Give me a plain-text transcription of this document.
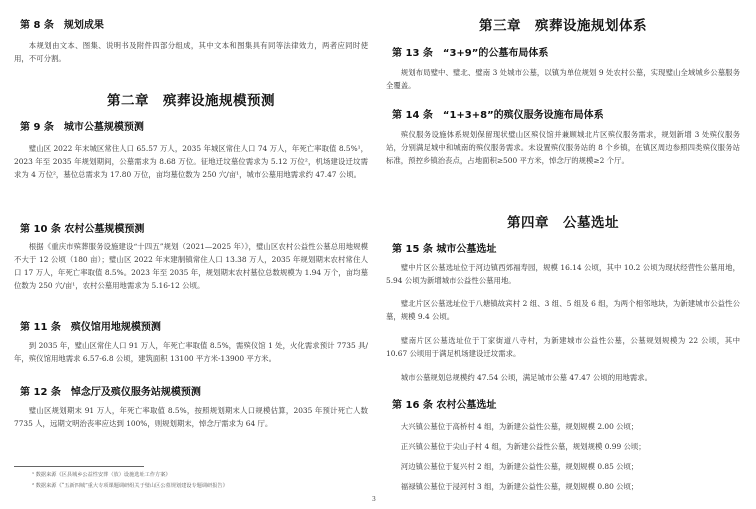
第 8 条　规划成果

本规划由文本、图集、说明书及附件四部分组成，其中文本和图集具有同等法律效力，两者应同时使用，不可分割。

第二章　殡葬设施规模预测
第 9 条　城市公墓规模预测

璧山区 2022 年末城区常住人口 65.57 万人，2035 年城区常住人口 74 万人，年死亡率取值 8.5%¹，2023 年至 2035 年规划期间，公墓需求为 8.68 万位。征地迁坟墓位需求为 5.12 万位²，机场建设迁坟需求为 4 万位²，墓位总需求为 17.80 万位，亩均墓位数为 250 穴/亩¹，城市公墓用地需求约 47.47 公顷。

第 10 条 农村公墓规模预测

根据《重庆市殡葬服务设施建设“十四五”规划（2021—2025 年）》，璧山区农村公益性公墓总用地规模不大于 12 公顷（180 亩）；璧山区 2022 年末建制镇常住人口 13.38 万人，2035 年规划期末农村常住人口 17 万人，年死亡率取值 8.5%。2023 年至 2035 年，规划期末农村墓位总数规模为 1.94 万个，亩均墓位数为 250 穴/亩¹，农村公墓用地需求为 5.16-12 公顷。

第 11 条　殡仪馆用地规模预测

到 2035 年，璧山区常住人口 91 万人，年死亡率取值 8.5%，需殡仪馆 1 处，火化需求预计 7735 具/年，殡仪馆用地需求 6.57-6.8 公顷，建筑面积 13100 平方米-13900 平方米。

第 12 条　悼念厅及殡仪服务站规模预测

璧山区规划期末 91 万人，年死亡率取值 8.5%，按照规划期末人口规模估算，2035 年预计死亡人数 7735 人，远期文明治丧率应达到 100%，则规划期末，悼念厅需求为 64 厅。

¹ 数据来源《区县城乡公益性安葬（放）设施选址工作方案》

² 数据来源《“五新四城”重大专项课题调研组关于璧山区公墓规划建设专题调研报告》

第三章　殡葬设施规划体系
第 13 条　“3+9”的公墓布局体系

规划布局璧中、璧北、璧南 3 处城市公墓，以镇为单位规划 9 处农村公墓，实现璧山全域城乡公墓服务全覆盖。

第 14 条　“1+3+8”的殡仪服务设施布局体系

殡仪服务设施体系规划保留现状璧山区殡仪馆并兼顾城北片区殡仪服务需求，规划新增 3 处殡仪服务站，分别满足城中和城南的殡仪服务需求。未设置殡仪服务站的 8 个乡镇，在镇区周边参照四类殡仪服务站标准，预控乡镇治丧点，占地面积≥500 平方米，悼念厅的规模≥2 个厅。

第四章　公墓选址
第 15 条 城市公墓选址

璧中片区公墓选址位于河边镇西郊福寿园，规模 16.14 公顷，其中 10.2 公顷为现状经营性公墓用地，5.94 公顷为新增城市公益性公墓用地。

璧北片区公墓选址位于八塘镇故宾村 2 组、3 组、5 组及 6 组，为两个相邻地块，为新建城市公益性公墓，规模 9.4 公顷。

璧南片区公墓选址位于丁家街道八寺村，为新建城市公益性公墓，公墓规划规模为 22 公顷，其中 10.67 公顷用于满足机场建设迁坟需求。

城市公墓规划总规模约 47.54 公顷，满足城市公墓 47.47 公顷的用地需求。

第 16 条 农村公墓选址

大兴镇公墓位于高桥村 4 组，为新建公益性公墓，规划规模 2.00 公顷；

正兴镇公墓位于尖山子村 4 组，为新建公益性公墓，规划规模 0.99 公顷；

河边镇公墓位于复兴村 2 组，为新建公益性公墓，规划规模 0.85 公顷；

福禄镇公墓位于浸河村 3 组，为新建公益性公墓，规划规模 0.80 公顷；

3
